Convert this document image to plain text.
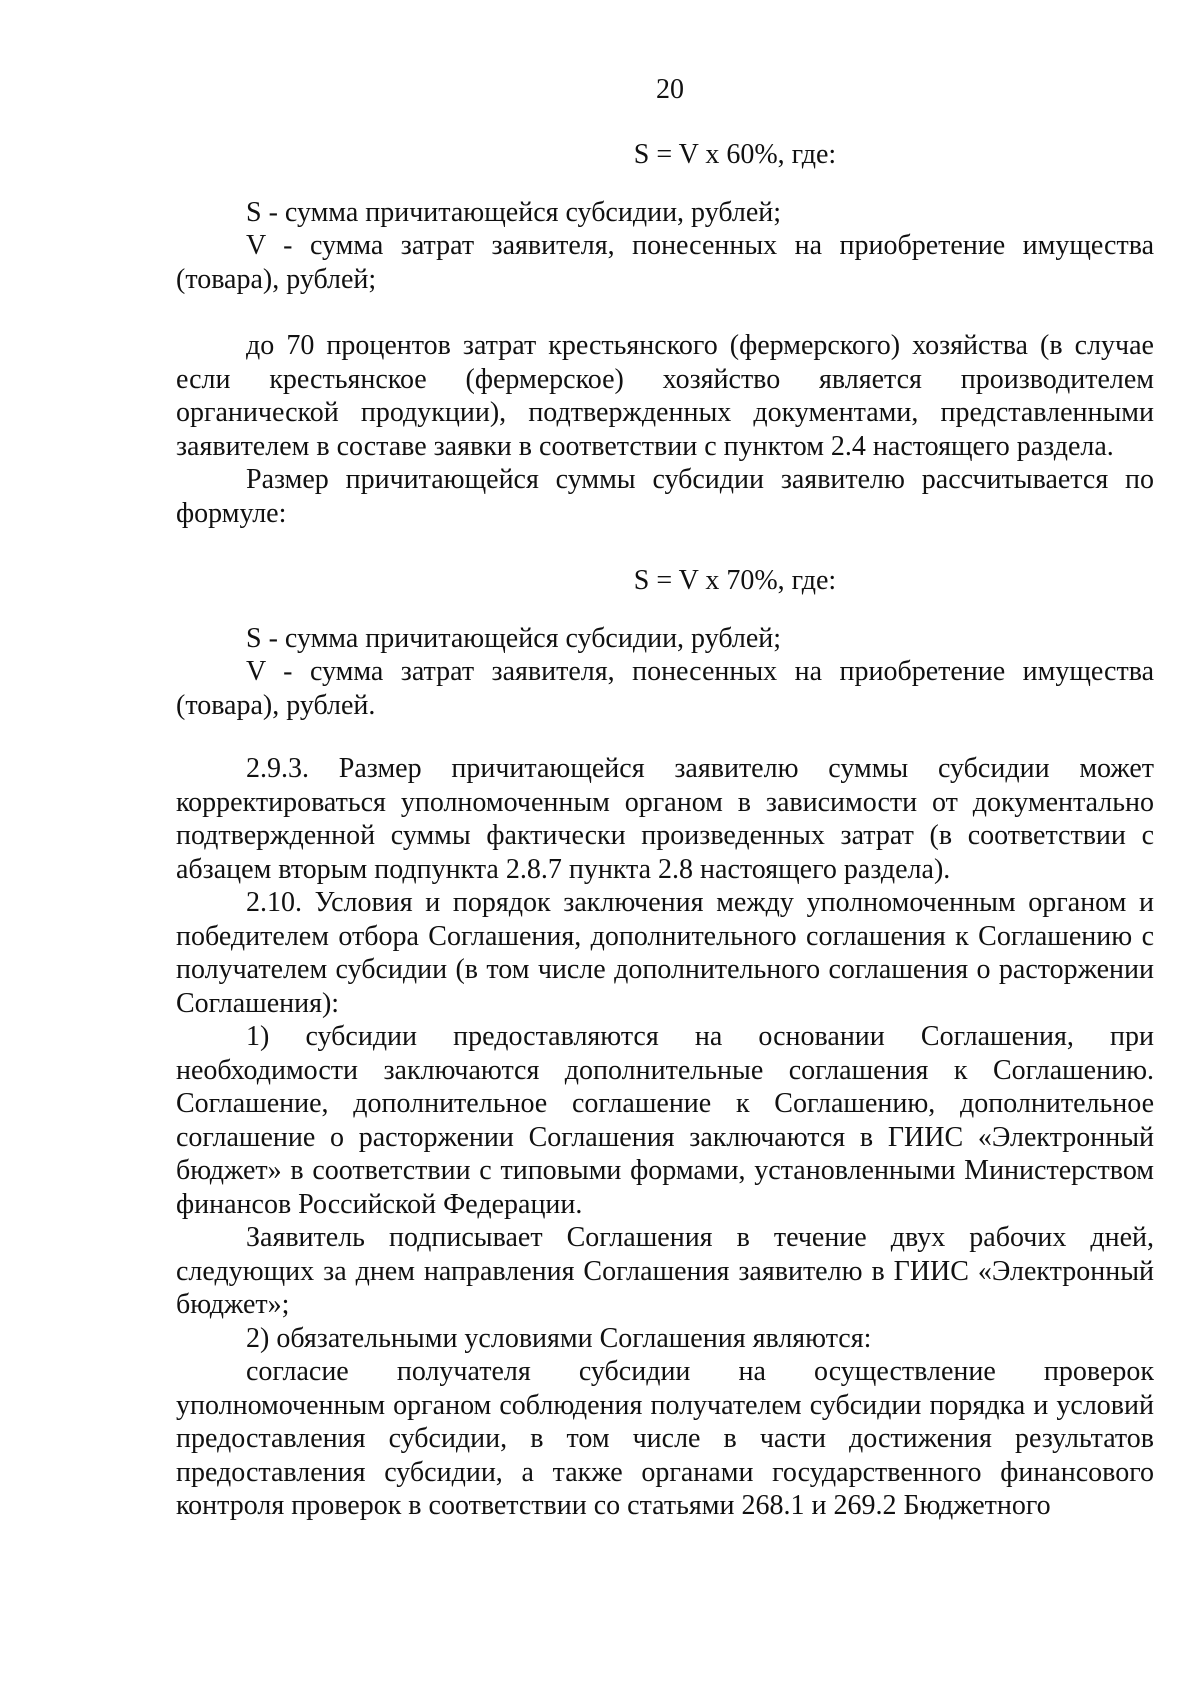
20
S = V x 60%, где:

S - сумма причитающейся субсидии, рублей;

V - сумма затрат заявителя, понесенных на приобретение имущества (товара), рублей;

до 70 процентов затрат крестьянского (фермерского) хозяйства (в случае если крестьянское (фермерское) хозяйство является производителем органической продукции), подтвержденных документами, представленными заявителем в составе заявки в соответствии с пунктом 2.4 настоящего раздела.

Размер причитающейся суммы субсидии заявителю рассчитывается по формуле:

S = V x 70%, где:

S - сумма причитающейся субсидии, рублей;

V - сумма затрат заявителя, понесенных на приобретение имущества (товара), рублей.

2.9.3. Размер причитающейся заявителю суммы субсидии может корректироваться уполномоченным органом в зависимости от документально подтвержденной суммы фактически произведенных затрат (в соответствии с абзацем вторым подпункта 2.8.7 пункта 2.8 настоящего раздела).

2.10. Условия и порядок заключения между уполномоченным органом и победителем отбора Соглашения, дополнительного соглашения к Соглашению с получателем субсидии (в том числе дополнительного соглашения о расторжении Соглашения):

1) субсидии предоставляются на основании Соглашения, при необходимости заключаются дополнительные соглашения к Соглашению. Соглашение, дополнительное соглашение к Соглашению, дополнительное соглашение о расторжении Соглашения заключаются в ГИИС «Электронный бюджет» в соответствии с типовыми формами, установленными Министерством финансов Российской Федерации.

Заявитель подписывает Соглашения в течение двух рабочих дней, следующих за днем направления Соглашения заявителю в ГИИС «Электронный бюджет»;

2) обязательными условиями Соглашения являются:

согласие получателя субсидии на осуществление проверок уполномоченным органом соблюдения получателем субсидии порядка и условий предоставления субсидии, в том числе в части достижения результатов предоставления субсидии, а также органами государственного финансового контроля проверок в соответствии со статьями 268.1 и 269.2 Бюджетного
